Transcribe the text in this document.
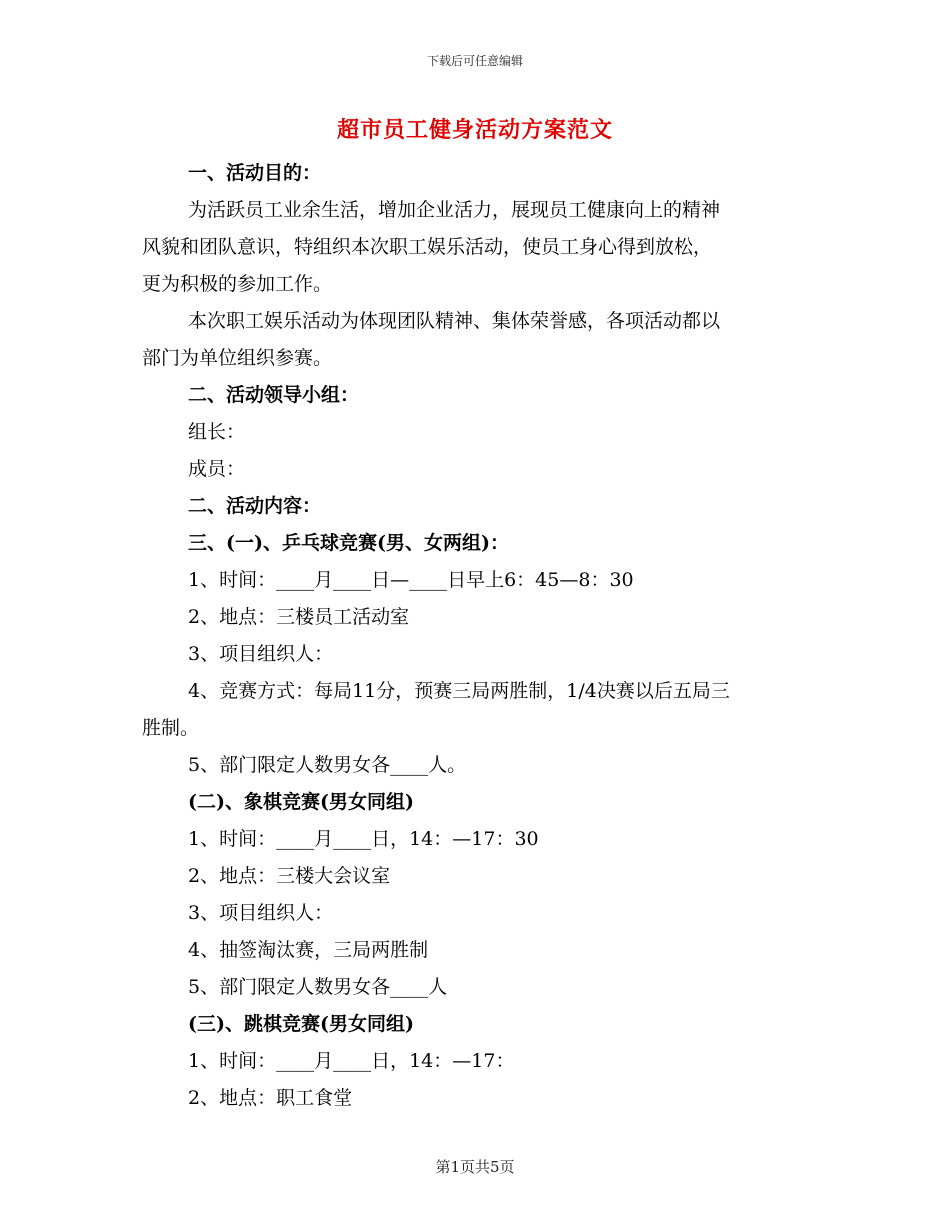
下载后可任意编辑
超市员工健身活动方案范文
一、活动目的：
为活跃员工业余生活，增加企业活力，展现员工健康向上的精神
风貌和团队意识，特组织本次职工娱乐活动，使员工身心得到放松，
更为积极的参加工作。
本次职工娱乐活动为体现团队精神、集体荣誉感，各项活动都以
部门为单位组织参赛。
二、活动领导小组：
组长：
成员：
二、活动内容：
三、(一)、乒乓球竞赛(男、女两组)：
1、时间：____月____日—____日早上6：45—8：30
2、地点：三楼员工活动室
3、项目组织人：
4、竞赛方式：每局11分，预赛三局两胜制，1/4决赛以后五局三
胜制。
5、部门限定人数男女各____人。
(二)、象棋竞赛(男女同组)
1、时间：____月____日，14：—17：30
2、地点：三楼大会议室
3、项目组织人：
4、抽签淘汰赛，三局两胜制
5、部门限定人数男女各____人
(三)、跳棋竞赛(男女同组)
1、时间：____月____日，14：—17：
2、地点：职工食堂
第1页共5页
